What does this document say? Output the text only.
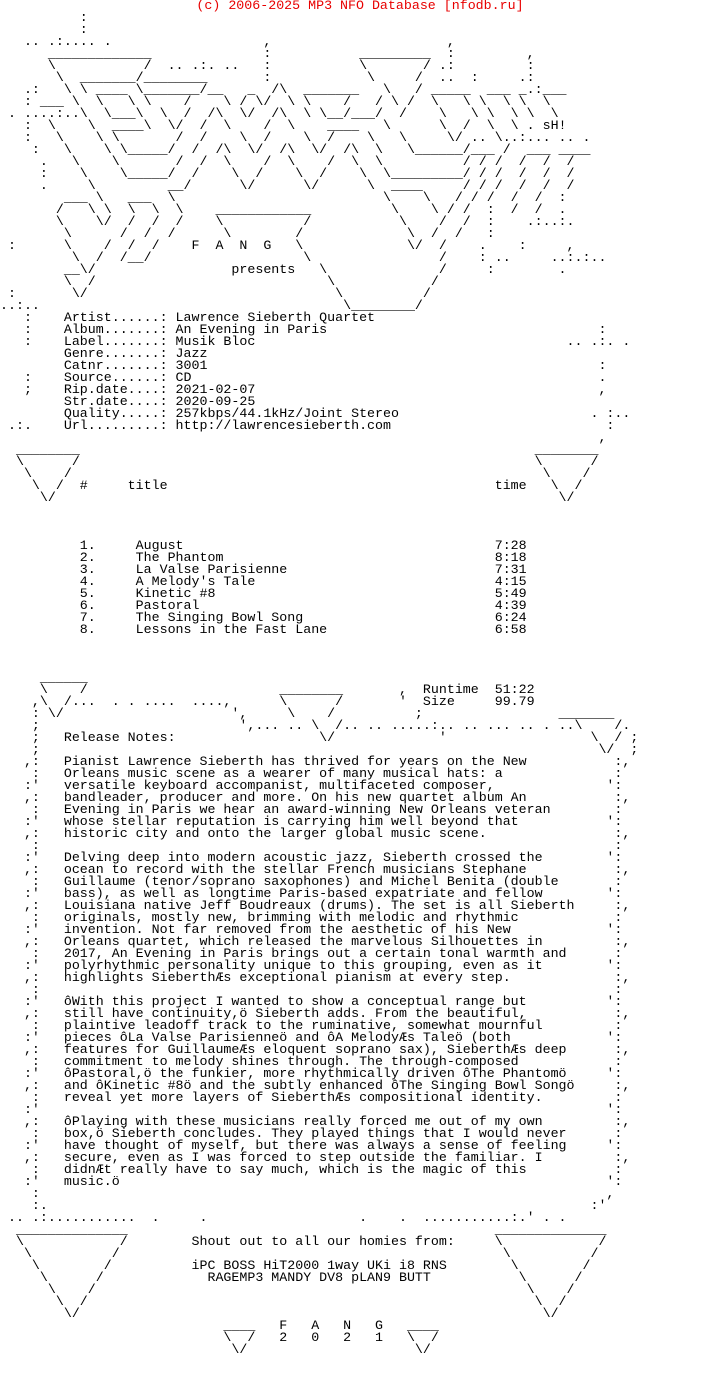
(c) 2006-2025 MP3 NFO Database [nfodb.ru]
:
:
.. .:.... .                   ,                      ,
_____________              :           _________  :         ,
\           /  .. .:. ..   :           \       / .:         :
\  _______/________       :            \     /  ..  :     .:
.:   \ \ ____ \_______/__   _  /\  _______   \   / _____  ___ _.:___
: ___ \  \   \ \    /    \ / \/  \ \    /   / \ /  \   \ \  \ \  \
. ....:..\  \___\  \  /  /\  \/  /\  \ \__/___/  /    \   \ \  \ \  \
:  \    \  ____\  \/  /  \    /  \    ____   \      \  /  \  \ . sH!
:   \    \ \       /  /    \  /    \  /    \   \     \/ .. \..:... .. .
:   \    \ \_____/  /  /\  \/  /\  \/  /\  \   \______/___ /  ___ ____
.   \    \       /  /  \    /  \    /  \  \          / / /  /  /  /
:    \    \_____/  /    \  /    \  /    \  \_________/ / /  /  /  /
.     \         __/      \/      \/      \  ____     / / /  /  /  /
___ \   ___  \                          \    \   / / /  /  /  :
/   \ \  \  \  \    ____________          \    \ / /  :  /  /  .
\    \/  /  /  /    \          /           \    /  /  :    .:..:.
\      /  /  /      \        /             \  /  /   :
:      \    /  /  /    F  A  N  G   \             \/  /    .    :     ,
\  /  /__/                   \                /    : ..     ..:.:..
__\/                 presents   \              /     :        .
\  /                             \            /
:       \/                               \          /
..:..                                      \________/
:    Artist......: Lawrence Sieberth Quartet
:    Album.......: An Evening in Paris                                  :
:    Label.......: Musik Bloc                                       .. .:. .
Genre.......: Jazz
Catnr.......: 3001                                                 :
:    Source......: CD                                                   .
;    Rip.date....: 2021-02-07                                           ,
Str.date....: 2020-09-25
Quality.....: 257kbps/44.1kHz/Joint Stereo                        . :..
.:.    Url.........: http://lawrencesieberth.com                           :
,
________                                                         ________
\      /                                                         \      /
\    /                                                           \    /
\  /  #     title                                         time   \  /
\/                                                               \/

1.     August                                       7:28
2.     The Phantom                                  8:18
3.     La Valse Parisienne                          7:31
4.     A Melody's Tale                              4:15
5.     Kinetic #8                                   5:49
6.     Pastoral                                     4:39
7.     The Singing Bowl Song                        6:24
8.     Lessons in the Fast Lane                     6:58

______
\    /                        ________       ,  Runtime  51:22
,\  /...  . . ....  ....,      \      /       '  Size     99.79
: \/                     ',     \    /          ;                 _______
;                         ',... .. \  /.. .. .....:.. .. ... .. . ..\    /.
;   Release Notes:                  \/             '                  \  / ;
;                                                                      \/  ;
,:   Pianist Lawrence Sieberth has thrived for years on the New           :,
:   Orleans music scene as a wearer of many musical hats: a              :
:'   versatile keyboard accompanist, multifaceted composer,              ':
,:   bandleader, producer and more. On his new quartet album An           :,
:   Evening in Paris we hear an award-winning New Orleans veteran        :
:'   whose stellar reputation is carrying him well beyond that           ':
,:   historic city and onto the larger global music scene.                :,
:                                                                        :
:'   Delving deep into modern acoustic jazz, Sieberth crossed the        ':
,:   ocean to record with the stellar French musicians Stephane           :,
:   Guillaume (tenor/soprano saxophones) and Michel Benita (double       :
:'   bass), as well as longtime Paris-based expatriate and fellow        ':
,:   Louisiana native Jeff Boudreaux (drums). The set is all Sieberth     :,
:   originals, mostly new, brimming with melodic and rhythmic            :
:'   invention. Not far removed from the aesthetic of his New            ':
,:   Orleans quartet, which released the marvelous Silhouettes in         :,
:   2017, An Evening in Paris brings out a certain tonal warmth and      :
:'   polyrhythmic personality unique to this grouping, even as it        ':
,:   highlights SieberthÆs exceptional pianism at every step.             :,
:                                                                        :
:'   ôWith this project I wanted to show a conceptual range but          ':
,:   still have continuity,ö Sieberth adds. From the beautiful,           :,
:   plaintive leadoff track to the ruminative, somewhat mournful         :
:'   pieces ôLa Valse Parisienneö and ôA MelodyÆs Taleö (both            ':
,:   features for GuillaumeÆs eloquent soprano sax), SieberthÆs deep      :,
:   commitment to melody shines through. The through-composed            :
:'   ôPastoral,ö the funkier, more rhythmically driven ôThe Phantomö     ':
,:   and ôKinetic #8ö and the subtly enhanced ôThe Singing Bowl Songö     :,
:   reveal yet more layers of SieberthÆs compositional identity.         :
:'                                                                       ':
,:   ôPlaying with these musicians really forced me out of my own         :,
:   box,ö Sieberth concludes. They played things that I would never      :
:'   have thought of myself, but there was always a sense of feeling     ':
,:   secure, even as I was forced to step outside the familiar. I         :,
:   didnÆt really have to say much, which is the magic of this           :
:'   music.ö                                                             ':
:                                                                       ,
:.                                                                    :'
.. .:...........  .     .                   .    .  ...........:.' . .
______________                                              ______________
\            /        Shout out to all our homies from:     \            /
\          /                                                \          /
\        /          iPC BOSS HiT2000 1way UKi i8 RNS        \        /
\      /             RAGEMP3 MANDY DV8 pLAN9 BUTT           \      /
\    /                                                      \    /
\  /                                                        \  /
\/                                                          \/
____   F   A   N   G   ____
\  /   2   0   2   1   \  /
\/                     \/
